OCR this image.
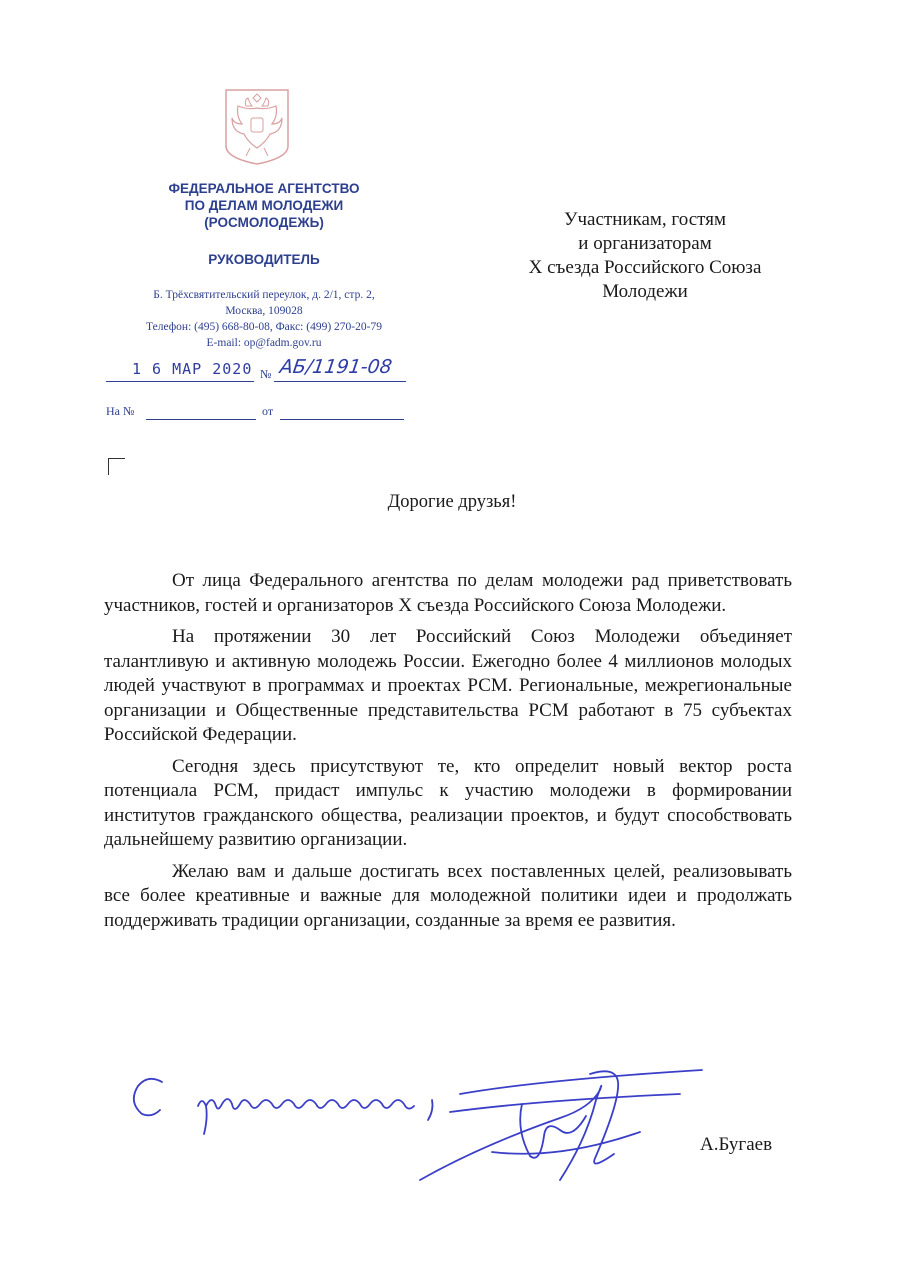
ФЕДЕРАЛЬНОЕ АГЕНТСТВО
ПО ДЕЛАМ МОЛОДЕЖИ
(РОСМОЛОДЕЖЬ)
РУКОВОДИТЕЛЬ
Б. Трёхсвятительский переулок, д. 2/1, стр. 2,
Москва, 109028
Телефон: (495) 668-80-08, Факс: (499) 270-20-79
E-mail: op@fadm.gov.ru
1 6 МАР 2020 № АБ/1191-08
На №	от
Участникам, гостям
и организаторам
X съезда Российского Союза
Молодежи
Дорогие друзья!

От лица Федерального агентства по делам молодежи рад приветствовать участников, гостей и организаторов X съезда Российского Союза Молодежи.

На протяжении 30 лет Российский Союз Молодежи объединяет талантливую и активную молодежь России. Ежегодно более 4 миллионов молодых людей участвуют в программах и проектах РСМ. Региональные, межрегиональные организации и Общественные представительства РСМ работают в 75 субъектах Российской Федерации.

Сегодня здесь присутствуют те, кто определит новый вектор роста потенциала РСМ, придаст импульс к участию молодежи в формировании институтов гражданского общества, реализации проектов, и будут способствовать дальнейшему развитию организации.

Желаю вам и дальше достигать всех поставленных целей, реализовывать все более креативные и важные для молодежной политики идеи и продолжать поддерживать традиции организации, созданные за время ее развития.

А.Бугаев
